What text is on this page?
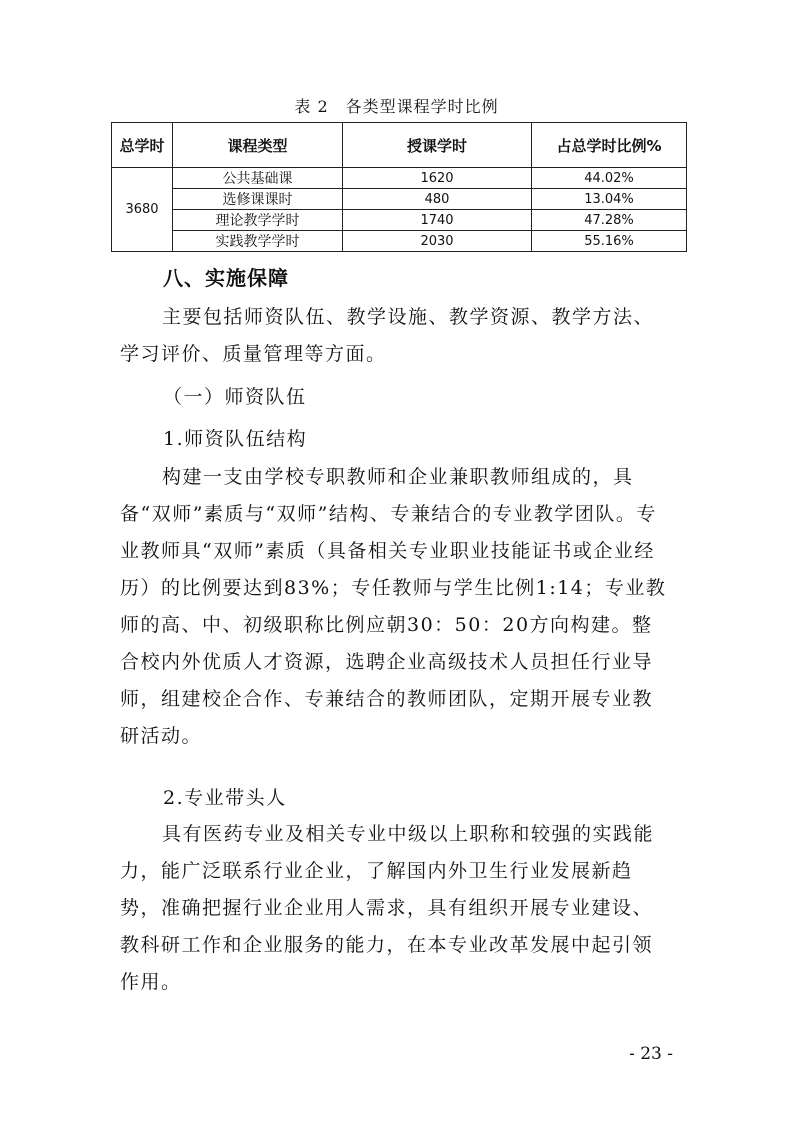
表 2　各类型课程学时比例
总学时	课程类型	授课学时	占总学时比例%
3680	公共基础课	1620	44.02%
	选修课课时	480	13.04%
	理论教学学时	1740	47.28%
	实践教学学时	2030	55.16%
八、实施保障
主要包括师资队伍、教学设施、教学资源、教学方法、学习评价、质量管理等方面。
（一）师资队伍
1.师资队伍结构
构建一支由学校专职教师和企业兼职教师组成的，具备“双师”素质与“双师”结构、专兼结合的专业教学团队。专业教师具“双师”素质（具备相关专业职业技能证书或企业经历）的比例要达到83%；专任教师与学生比例1:14；专业教师的高、中、初级职称比例应朝30：50：20方向构建。整合校内外优质人才资源，选聘企业高级技术人员担任行业导师，组建校企合作、专兼结合的教师团队，定期开展专业教研活动。
2.专业带头人
具有医药专业及相关专业中级以上职称和较强的实践能力，能广泛联系行业企业，了解国内外卫生行业发展新趋势，准确把握行业企业用人需求，具有组织开展专业建设、教科研工作和企业服务的能力，在本专业改革发展中起引领作用。
- 23 -
